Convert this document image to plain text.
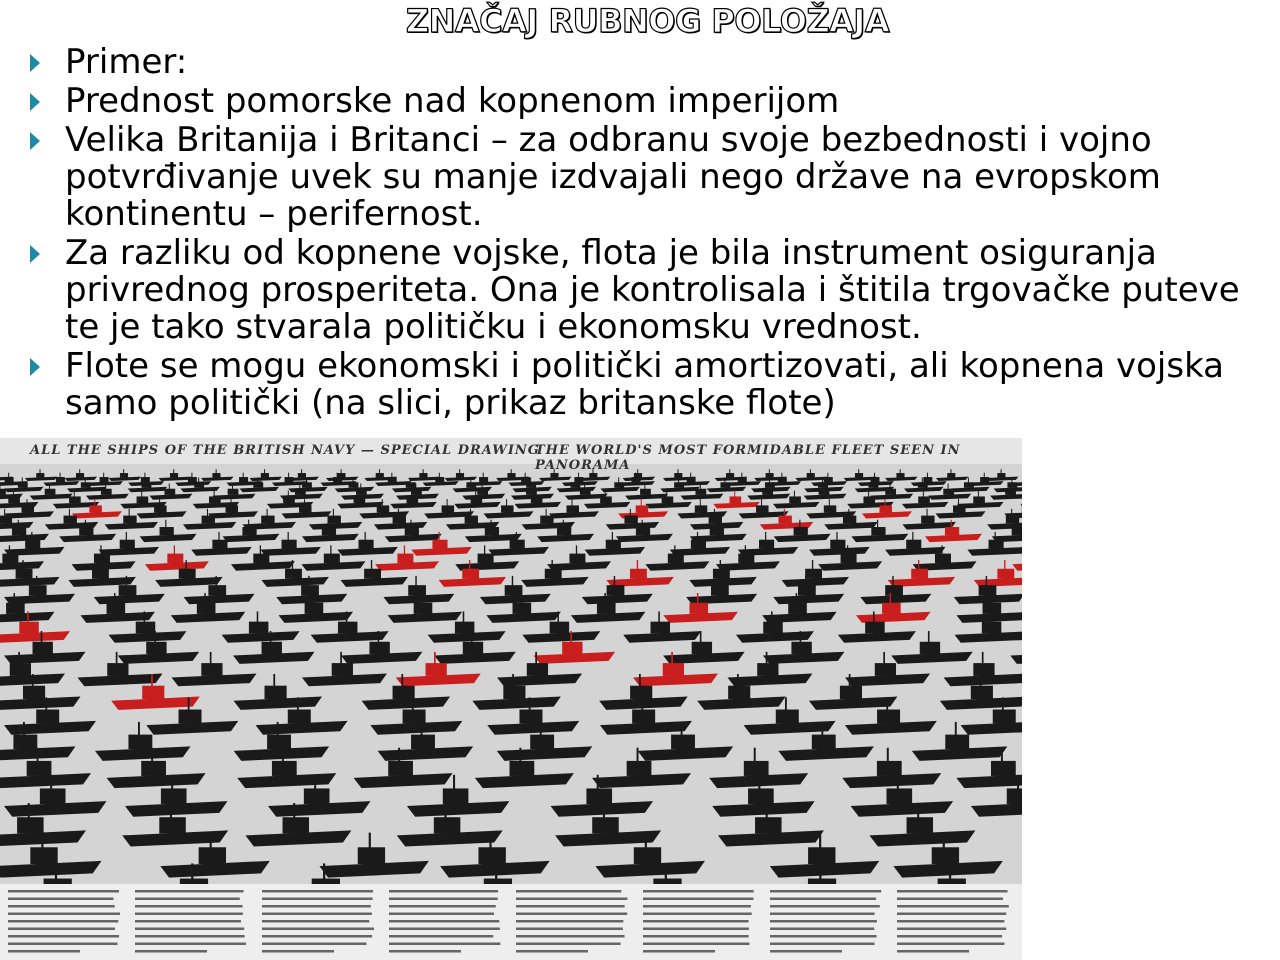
ZNAČAJ RUBNOG POLOŽAJA
Primer:
Prednost pomorske nad kopnenom imperijom
Velika Britanija i Britanci – za odbranu svoje bezbednosti i vojno potvrđivanje uvek su manje izdvajali nego države na evropskom kontinentu – perifernost.
Za razliku od kopnene vojske, flota je bila instrument osiguranja privrednog prosperiteta. Ona je kontrolisala i štitila trgovačke puteve te je tako stvarala političku i ekonomsku vrednost.
Flote se mogu ekonomski i politički amortizovati, ali kopnena vojska samo politički (na slici, prikaz britanske flote)
ALL THE SHIPS OF THE BRITISH NAVY — SPECIAL DRAWING
THE WORLD'S MOST FORMIDABLE FLEET SEEN IN PANORAMA
